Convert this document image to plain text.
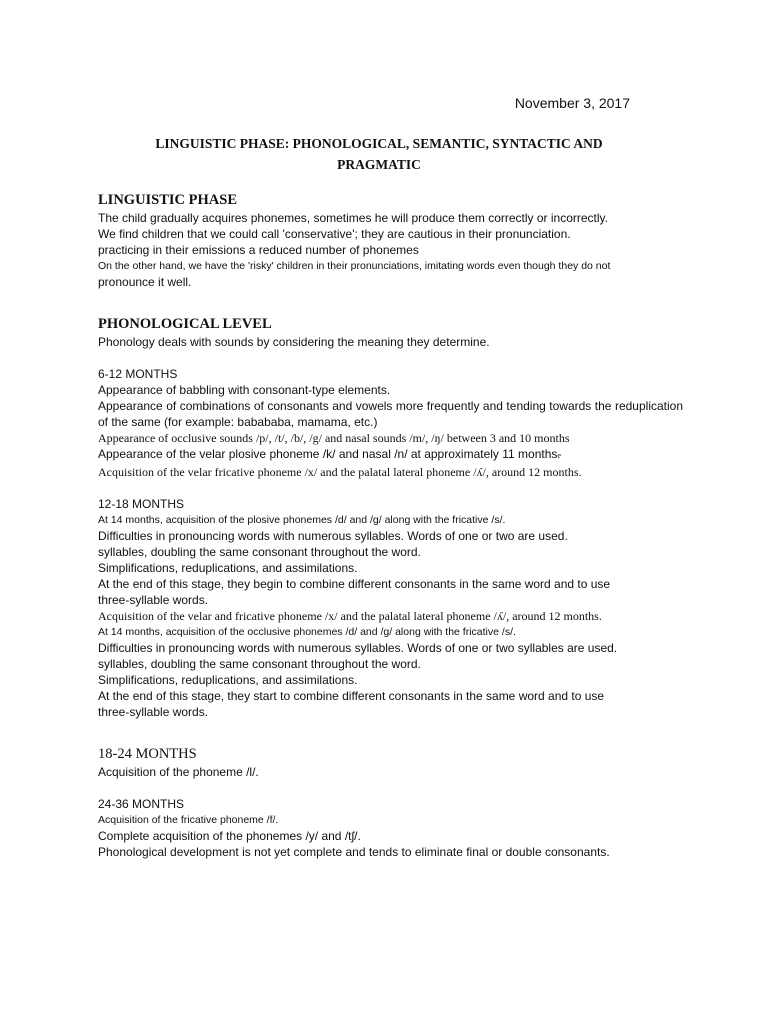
November 3, 2017
LINGUISTIC PHASE: PHONOLOGICAL, SEMANTIC, SYNTACTIC AND
PRAGMATIC
LINGUISTIC PHASE

The child gradually acquires phonemes, sometimes he will produce them correctly or incorrectly.

We find children that we could call 'conservative'; they are cautious in their pronunciation.

practicing in their emissions a reduced number of phonemes

On the other hand, we have the 'risky' children in their pronunciations, imitating words even though they do not

pronounce it well.

PHONOLOGICAL LEVEL

Phonology deals with sounds by considering the meaning they determine.

6-12 MONTHS

Appearance of babbling with consonant-type elements.

Appearance of combinations of consonants and vowels more frequently and tending towards the reduplication of the same (for example: babababa, mamama, etc.)

Appearance of occlusive sounds /p/, /t/, /b/, /g/ and nasal sounds /m/, /ŋ/ between 3 and 10 months

Appearance of the velar plosive phoneme /k/ and nasal /n/ at approximately 11 monthse

Acquisition of the velar fricative phoneme /x/ and the palatal lateral phoneme /ʎ/, around 12 months.

12-18 MONTHS

At 14 months, acquisition of the plosive phonemes /d/ and /g/ along with the fricative /s/.

Difficulties in pronouncing words with numerous syllables. Words of one or two are used.

syllables, doubling the same consonant throughout the word.

Simplifications, reduplications, and assimilations.

At the end of this stage, they begin to combine different consonants in the same word and to use

three-syllable words.

Acquisition of the velar and fricative phoneme /x/ and the palatal lateral phoneme /ʎ/, around 12 months.

At 14 months, acquisition of the occlusive phonemes /d/ and /g/ along with the fricative /s/.

Difficulties in pronouncing words with numerous syllables. Words of one or two syllables are used.

syllables, doubling the same consonant throughout the word.

Simplifications, reduplications, and assimilations.

At the end of this stage, they start to combine different consonants in the same word and to use

three-syllable words.

18-24 MONTHS

Acquisition of the phoneme /l/.

24-36 MONTHS

Acquisition of the fricative phoneme /f/.

Complete acquisition of the phonemes /y/ and /tʃ/.

Phonological development is not yet complete and tends to eliminate final or double consonants.
